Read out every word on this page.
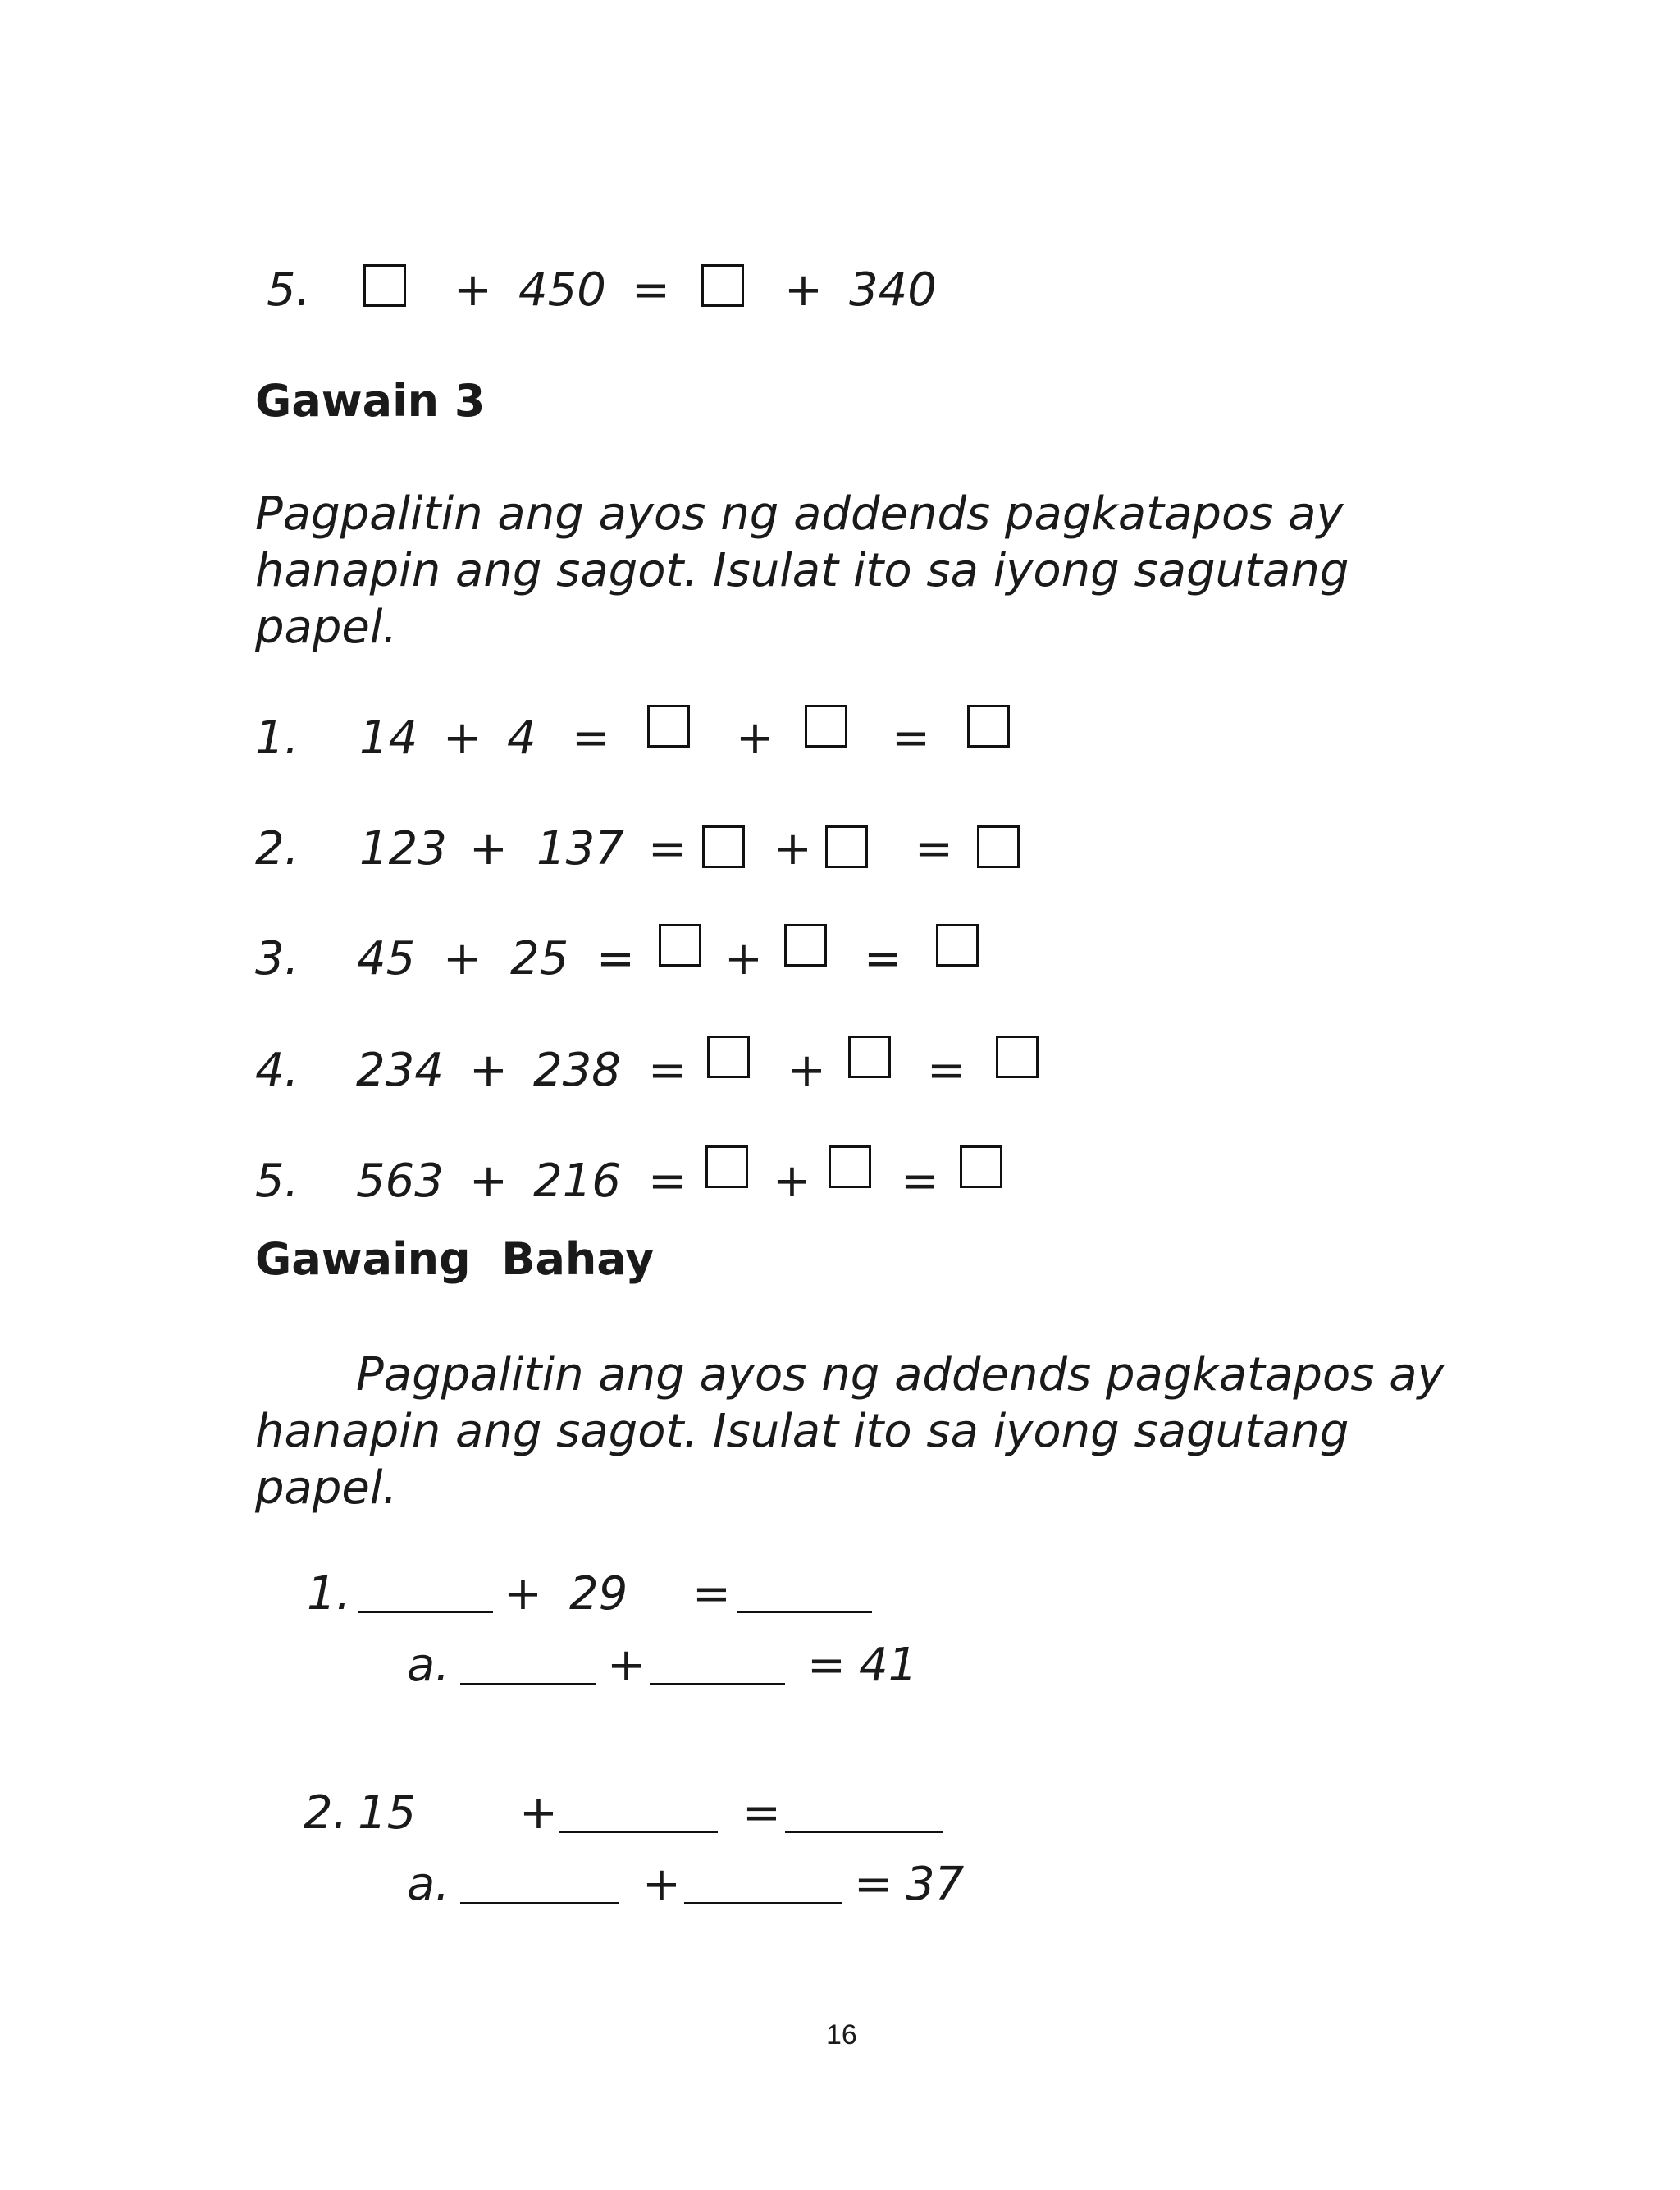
5.	+ 450 = + 340
Gawain 3
Pagpalitin ang ayos ng addends pagkatapos ay
hanapin ang sagot. Isulat ito sa iyong sagutang
papel.
1. 14 + 4 =	+	=
2. 123 + 137 = + =
3. 45 + 25 = + =
4. 234 + 238 = + =
5. 563 + 216 = + =
Gawaing  Bahay
Pagpalitin ang ayos ng addends pagkatapos ay
hanapin ang sagot. Isulat ito sa iyong sagutang
papel.
1.	+ 29 =
a.	+	= 41
2. 15 +	=
a.	+	= 37
16
